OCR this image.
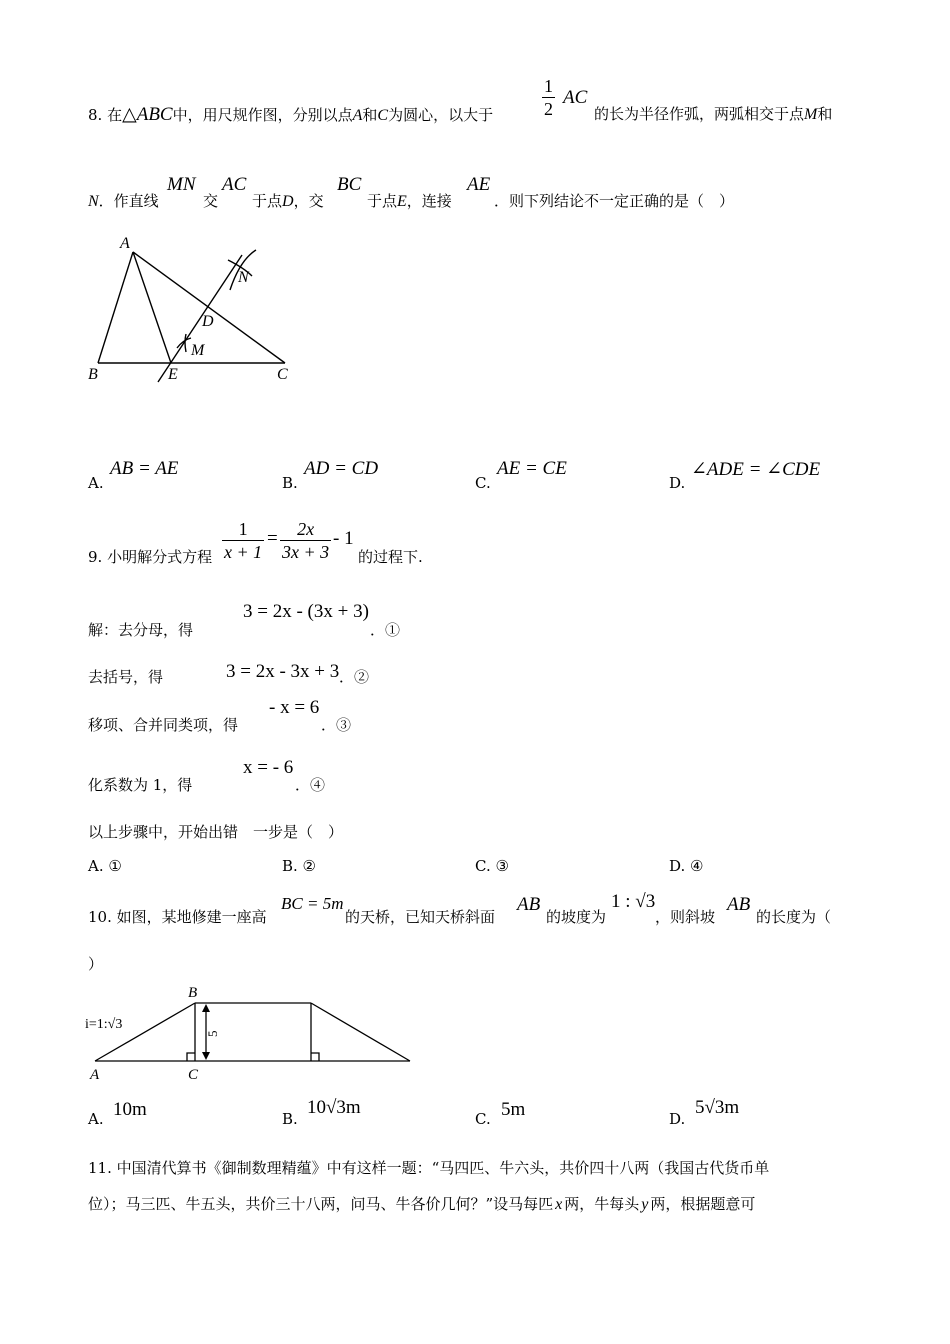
8. 在△ABC中，用尺规作图，分别以点A和C为圆心，以大于	$\frac{1}{2}$ AC
的长为半径作弧，两弧相交于点M和
N．作直线
MN
交
AC
于点D，交
BC
于点E，连接
AE
．则下列结论不一定正确的是（　）
A
B	C
D
E
M
N
A.
AB = AE
B.
AD = CD
C.
AE = CE
D.
∠ADE = ∠CDE
9. 小明解分式方程 $\frac{1}{x + 1} = \frac{2x}{3x + 3} - 1$
的过程下.
解：去分母，得
3 = 2x - (3x + 3)
．①
去括号，得	3 = 2x - 3x + 3 ．②
移项、合并同类项，得
- x = 6
．③
化系数为 1，得
x = - 6
．④
以上步骤中，开始出错　一步是（　）
A. ①	B. ②	C. ③	D. ④
10. 如图，某地修建一座高
BC = 5m
的天桥，已知天桥斜面
AB
的坡度为
1 : √3
，则斜坡
AB
的长度为（
）
B
A	C
i=1:√3
5
A. 10m	B.
10√3m
C. 5m	D.
5√3m
11. 中国清代算书《御制数理精蕴》中有这样一题：“马四匹、牛六头，共价四十八两（我国古代货币单
位）；马三匹、牛五头，共价三十八两，问马、牛各价几何？”设马每匹 x 两，牛每头 y 两，根据题意可
